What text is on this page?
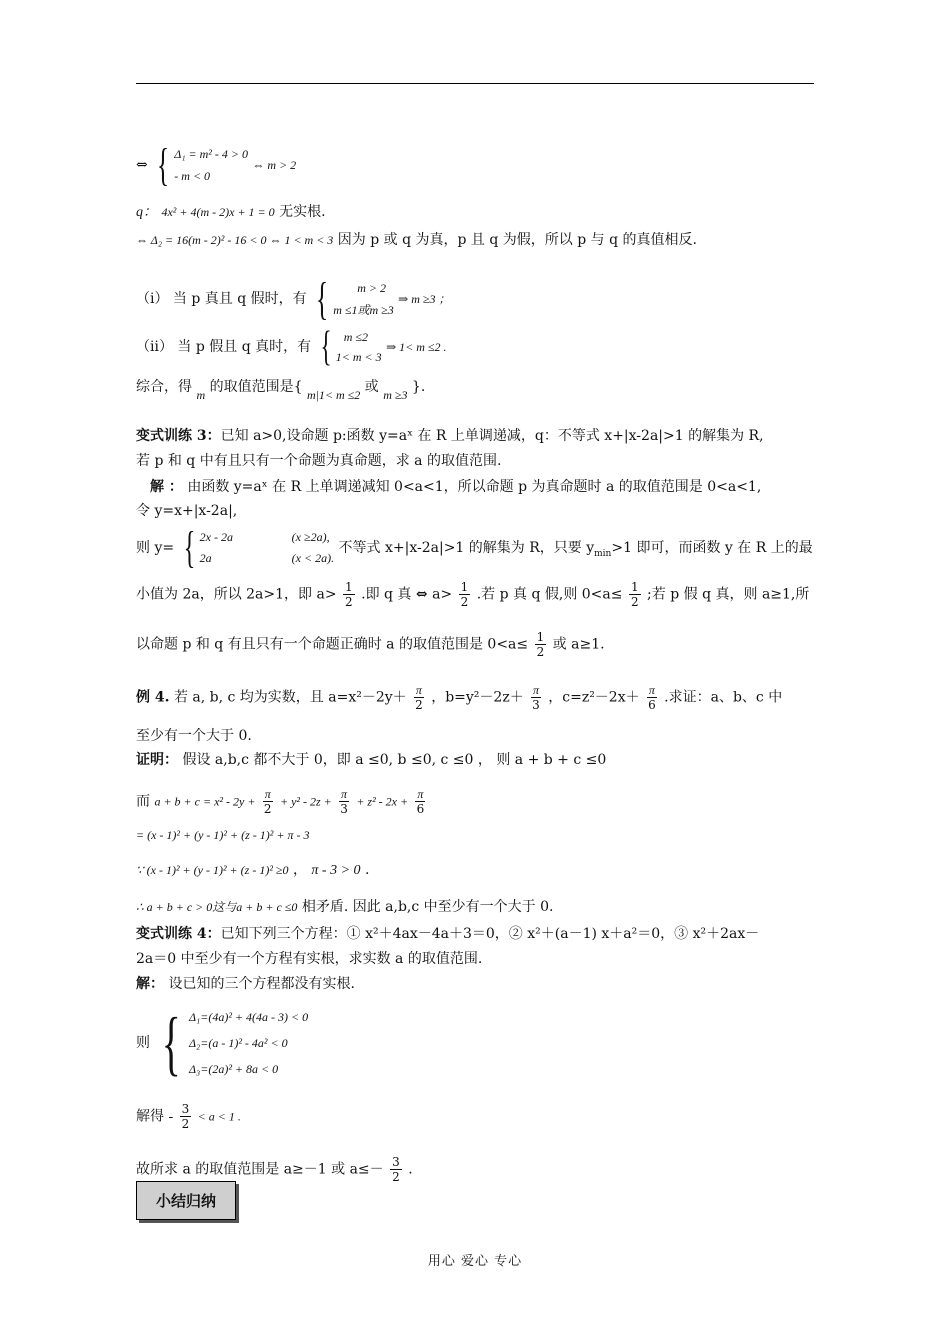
⇔ { Δ₁ = m² - 4 > 0
- m < 0
⇔ m > 2
q： 4x² + 4(m - 2)x + 1 = 0 无实根.
⇔ Δ₂ = 16(m - 2)² - 16 < 0 ⇔ 1 < m < 3 因为 p 或 q 为真，p 且 q 为假，所以 p 与 q 的真值相反.
（ⅰ） 当 p 真且 q 假时，有 {	m > 2
m ≤1或m ≥3
⇒ m ≥3 ；
（ⅱ） 当 p 假且 q 真时，有 {	m ≤2
1< m < 3
⇒ 1< m ≤2 .
综合，得 m 的取值范围是{ m|1< m ≤2 或 m ≥3 }.
变式训练 3：已知 a>0,设命题 p:函数 y=aˣ 在 R 上单调递减，q：不等式 x+|x-2a|>1 的解集为 R,
若 p 和 q 中有且只有一个命题为真命题，求 a 的取值范围.
解 ： 由函数 y=aˣ 在 R 上单调递减知 0<a<1，所以命题 p 为真命题时 a 的取值范围是 0<a<1,
令 y=x+|x-2a|,
则 y= { 2x - 2a	(x ≥2a),
2a	(x < 2a).
不等式 x+|x-2a|>1 的解集为 R，只要 $y_{min}>1$ 即可，而函数 y 在 R 上的最
小值为 2a，所以 2a>1，即 $a> \frac{1}{2}$ .即 q 真 ⇔ $a> \frac{1}{2}$ .若 p 真 q 假,则 $0<a\le \frac{1}{2}$ ;若 p 假 q 真，则 a≥1,所
以命题 p 和 q 有且只有一个命题正确时 a 的取值范围是 $0<a\le \frac{1}{2}$ 或 a≥1.
例 4. 若 a, b, c 均为实数，且 $a=x^2-2y+ \frac{\pi}{2}$ ，$b=y^2-2z+ \frac{\pi}{3}$ ，$c=z^2-2x+ \frac{\pi}{6}$ .求证：a、b、c 中
至少有一个大于 0.
证明： 假设 a,b,c 都不大于 0，即 a ≤0, b ≤0, c ≤0 ， 则 a + b + c ≤0
而 $a + b + c = x^2 - 2y + \frac{\pi}{2} + y^2 - 2z + \frac{\pi}{3} + z^2 - 2x + \frac{\pi}{6}$
= (x - 1)² + (y - 1)² + (z - 1)² + π - 3
∵ (x - 1)² + (y - 1)² + (z - 1)² ≥0 ， π - 3 > 0 .
∴ a + b + c > 0这与a + b + c ≤0 相矛盾. 因此 a,b,c 中至少有一个大于 0.
变式训练 4：已知下列三个方程：① x²＋4ax－4a＋3＝0，② x²＋(a－1) x＋a²＝0，③ x²＋2ax－
2a＝0 中至少有一个方程有实根，求实数 a 的取值范围.
解： 设已知的三个方程都没有实根.
则 { Δ₁=(4a)² + 4(4a - 3) < 0
Δ₂=(a - 1)² - 4a² < 0
Δ₃=(2a)² + 8a < 0
解得 - $\frac{3}{2} < a < 1$ .
故所求 a 的取值范围是 a≥－1 或 $a\le- \frac{3}{2}$ .
小结归纳
用心 爱心 专心
